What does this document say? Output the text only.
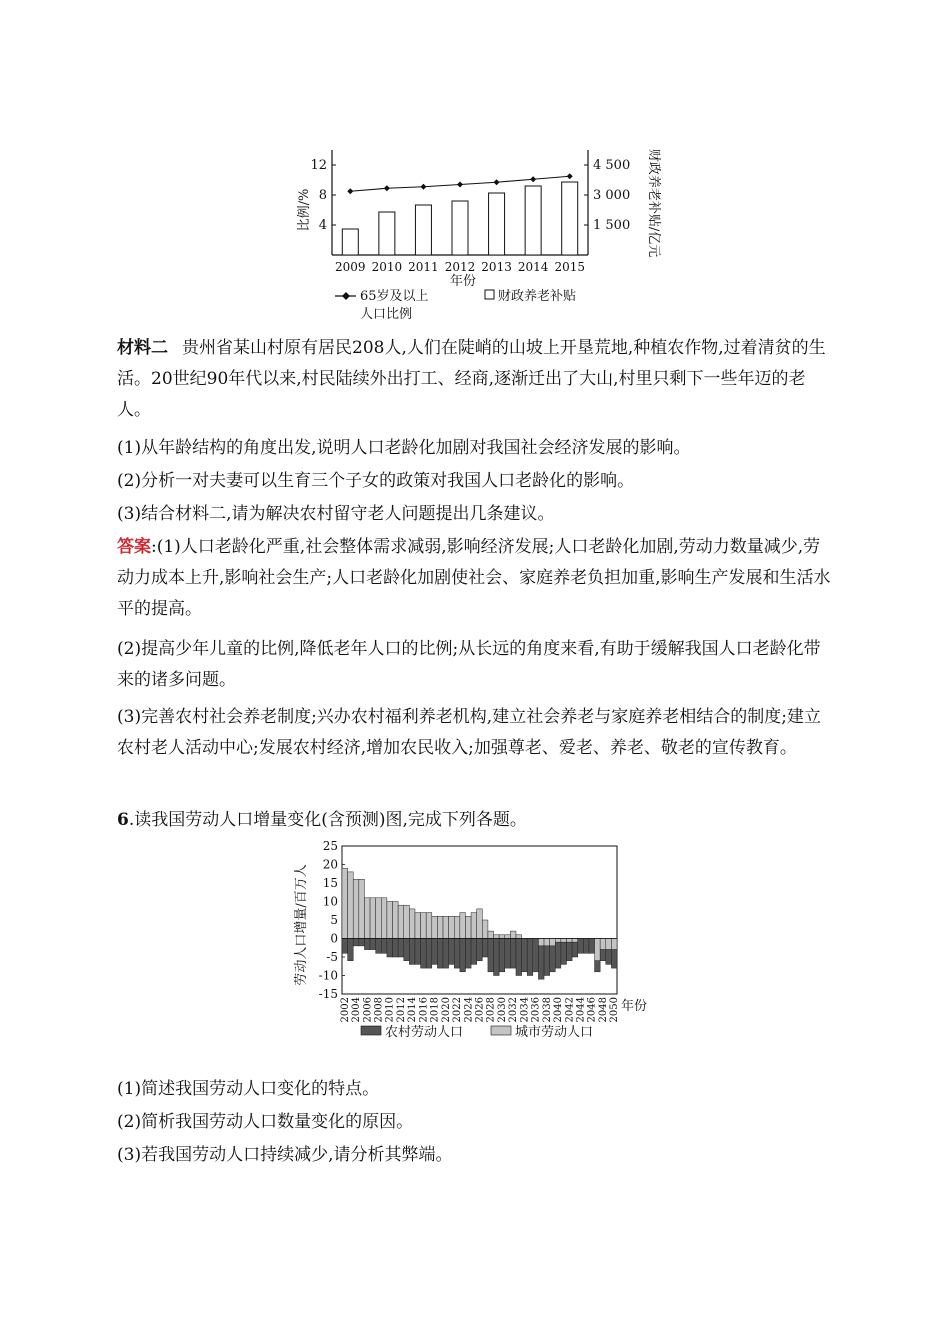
比例/%	财政养老补贴/亿元
4
8
12
1 500
3 000
4 500
2009 2010 2011 2012 2013 2014 2015
年份
65岁及以上
人口比例
财政养老补贴

材料二 贵州省某山村原有居民208人,人们在陡峭的山坡上开垦荒地,种植农作物,过着清贫的生活。20世纪90年代以来,村民陆续外出打工、经商,逐渐迁出了大山,村里只剩下一些年迈的老人。

(1)从年龄结构的角度出发,说明人口老龄化加剧对我国社会经济发展的影响。

(2)分析一对夫妻可以生育三个子女的政策对我国人口老龄化的影响。

(3)结合材料二,请为解决农村留守老人问题提出几条建议。

答案:(1)人口老龄化严重,社会整体需求减弱,影响经济发展;人口老龄化加剧,劳动力数量减少,劳动力成本上升,影响社会生产;人口老龄化加剧使社会、家庭养老负担加重,影响生产发展和生活水平的提高。

(2)提高少年儿童的比例,降低老年人口的比例;从长远的角度来看,有助于缓解我国人口老龄化带来的诸多问题。

(3)完善农村社会养老制度;兴办农村福利养老机构,建立社会养老与家庭养老相结合的制度;建立农村老人活动中心;发展农村经济,增加农民收入;加强尊老、爱老、养老、敬老的宣传教育。

6.读我国劳动人口增量变化(含预测)图,完成下列各题。

劳动人口增量/百万人
25
20
15
10
5
0
-5
-10
-15
2002 2004 2006 2008 2010 2012 2014 2016 2018 2020 2022 2024 2026 2028 2030 2032 2034 2036 2038 2040 2042 2044 2046 2048 2050 年份
农村劳动人口	城市劳动人口

(1)简述我国劳动人口变化的特点。

(2)简析我国劳动人口数量变化的原因。

(3)若我国劳动人口持续减少,请分析其弊端。
